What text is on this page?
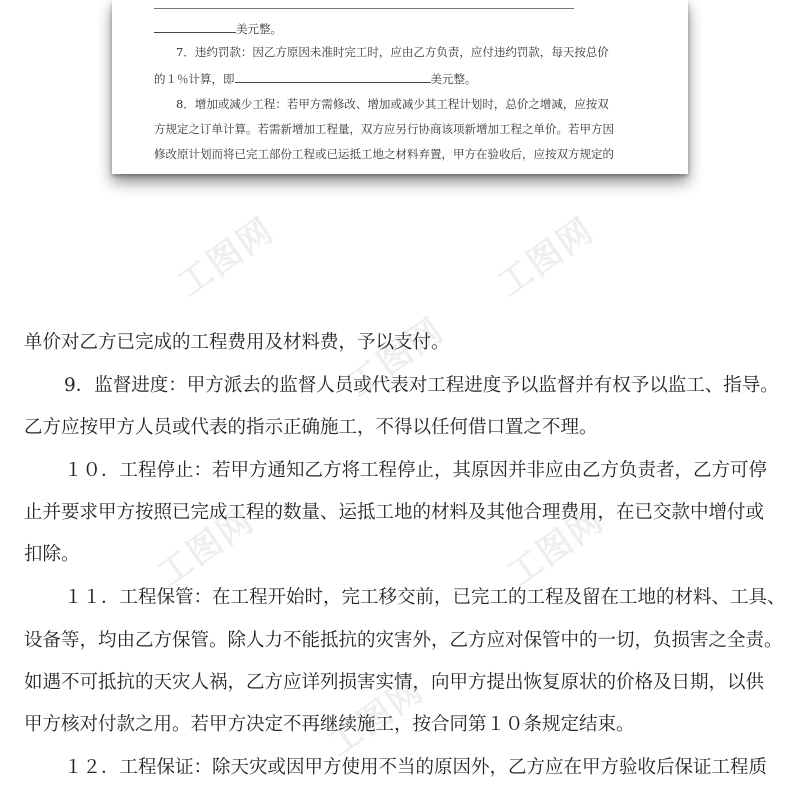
美元整。
7．违约罚款：因乙方原因未准时完工时，应由乙方负责，应付违约罚款，每天按总价
的１％计算，即	美元整。
8．增加或减少工程：若甲方需修改、增加或减少其工程计划时，总价之增减，应按双
方规定之订单计算。若需新增加工程量，双方应另行协商该项新增加工程之单价。若甲方因
修改原计划而将已完工部份工程或已运抵工地之材料弃置，甲方在验收后，应按双方规定的
工图网	工图网
工图网
工图网	工图网
工图网
单价对乙方已完成的工程费用及材料费，予以支付。
9．监督进度：甲方派去的监督人员或代表对工程进度予以监督并有权予以监工、指导。
乙方应按甲方人员或代表的指示正确施工，不得以任何借口置之不理。
１０．工程停止：若甲方通知乙方将工程停止，其原因并非应由乙方负责者，乙方可停
止并要求甲方按照已完成工程的数量、运抵工地的材料及其他合理费用，在已交款中增付或
扣除。
１１．工程保管：在工程开始时，完工移交前，已完工的工程及留在工地的材料、工具、
设备等，均由乙方保管。除人力不能抵抗的灾害外，乙方应对保管中的一切，负损害之全责。
如遇不可抵抗的天灾人祸，乙方应详列损害实情，向甲方提出恢复原状的价格及日期，以供
甲方核对付款之用。若甲方决定不再继续施工，按合同第１０条规定结束。
１２．工程保证：除天灾或因甲方使用不当的原因外，乙方应在甲方验收后保证工程质
